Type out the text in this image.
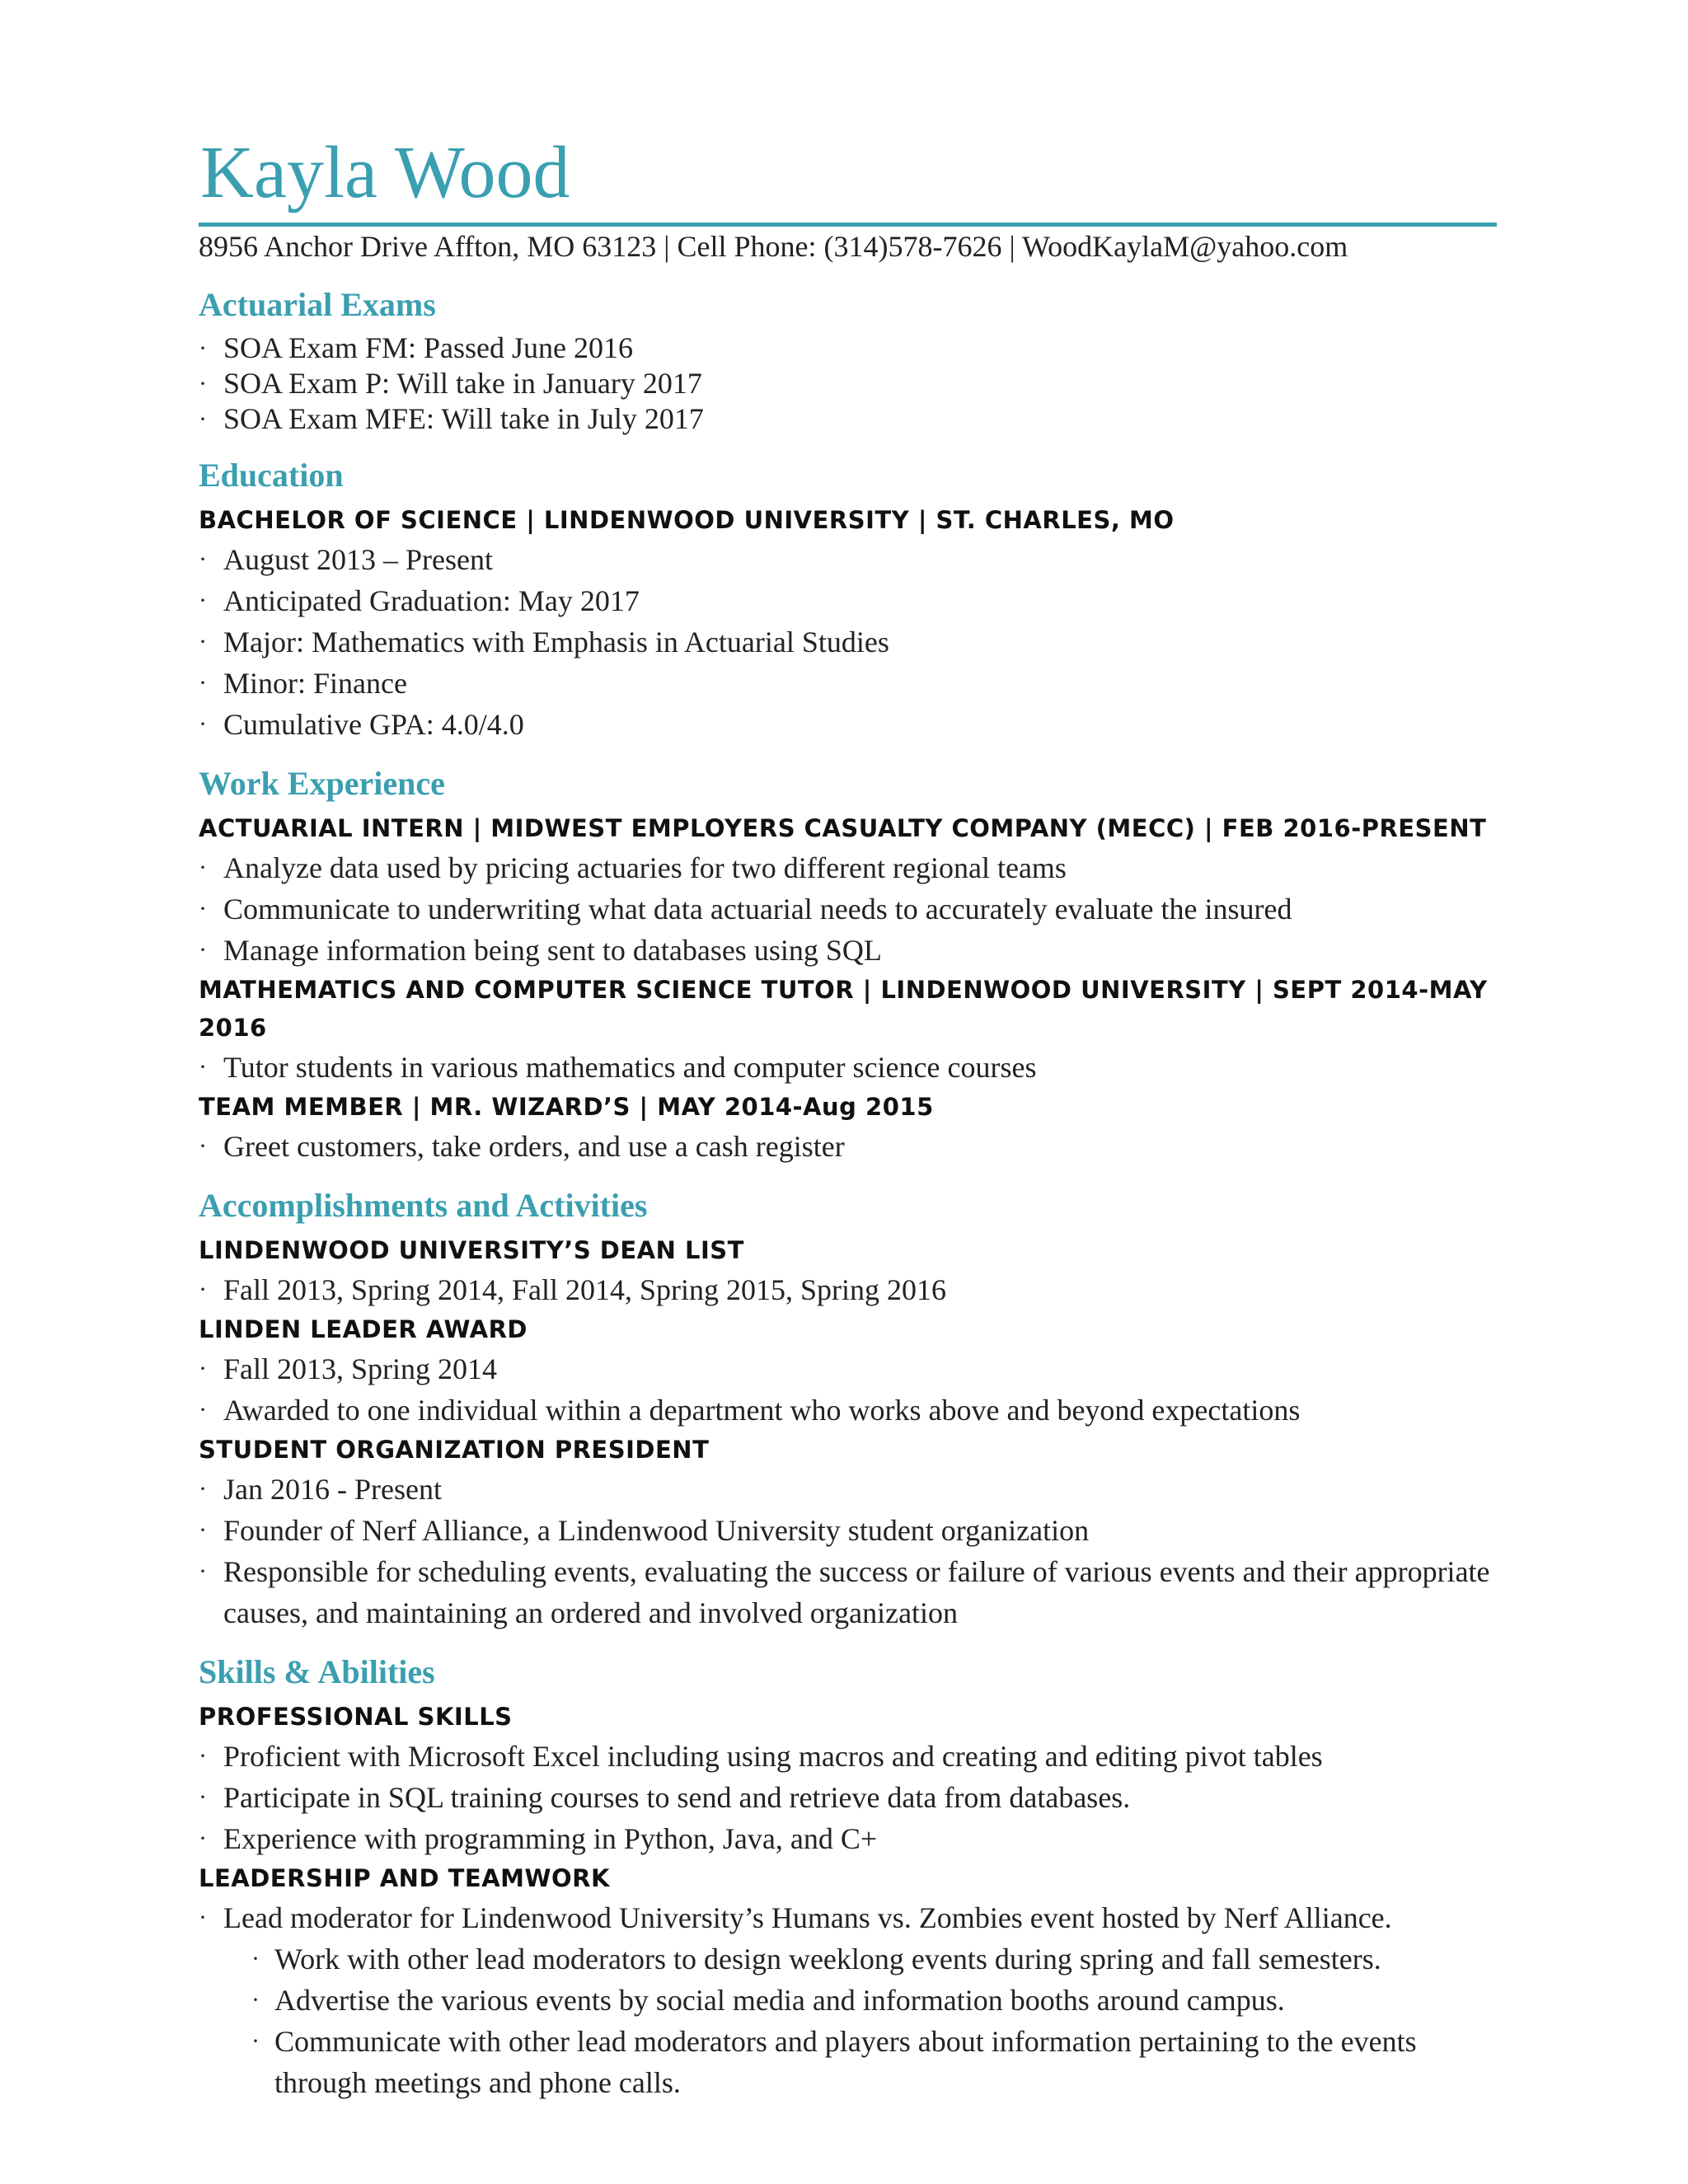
Kayla Wood
8956 Anchor Drive Affton, MO 63123 | Cell Phone: (314)578-7626 | WoodKaylaM@yahoo.com
Actuarial Exams
· SOA Exam FM: Passed June 2016
· SOA Exam P: Will take in January 2017
· SOA Exam MFE: Will take in July 2017
Education
BACHELOR OF SCIENCE | LINDENWOOD UNIVERSITY | ST. CHARLES, MO
· August 2013 – Present
· Anticipated Graduation: May 2017
· Major: Mathematics with Emphasis in Actuarial Studies
· Minor: Finance
· Cumulative GPA: 4.0/4.0
Work Experience
ACTUARIAL INTERN | MIDWEST EMPLOYERS CASUALTY COMPANY (MECC) | FEB 2016-PRESENT
· Analyze data used by pricing actuaries for two different regional teams
· Communicate to underwriting what data actuarial needs to accurately evaluate the insured
· Manage information being sent to databases using SQL
MATHEMATICS AND COMPUTER SCIENCE TUTOR | LINDENWOOD UNIVERSITY | SEPT 2014-MAY 2016
· Tutor students in various mathematics and computer science courses
TEAM MEMBER | MR. WIZARD’S | MAY 2014-Aug 2015
· Greet customers, take orders, and use a cash register
Accomplishments and Activities
LINDENWOOD UNIVERSITY’S DEAN LIST
· Fall 2013, Spring 2014, Fall 2014, Spring 2015, Spring 2016
LINDEN LEADER AWARD
· Fall 2013, Spring 2014
· Awarded to one individual within a department who works above and beyond expectations
STUDENT ORGANIZATION PRESIDENT
· Jan 2016 - Present
· Founder of Nerf Alliance, a Lindenwood University student organization
· Responsible for scheduling events, evaluating the success or failure of various events and their appropriate causes, and maintaining an ordered and involved organization
Skills & Abilities
PROFESSIONAL SKILLS
· Proficient with Microsoft Excel including using macros and creating and editing pivot tables
· Participate in SQL training courses to send and retrieve data from databases.
· Experience with programming in Python, Java, and C+
LEADERSHIP AND TEAMWORK
· Lead moderator for Lindenwood University’s Humans vs. Zombies event hosted by Nerf Alliance.
· Work with other lead moderators to design weeklong events during spring and fall semesters.
· Advertise the various events by social media and information booths around campus.
· Communicate with other lead moderators and players about information pertaining to the events through meetings and phone calls.
